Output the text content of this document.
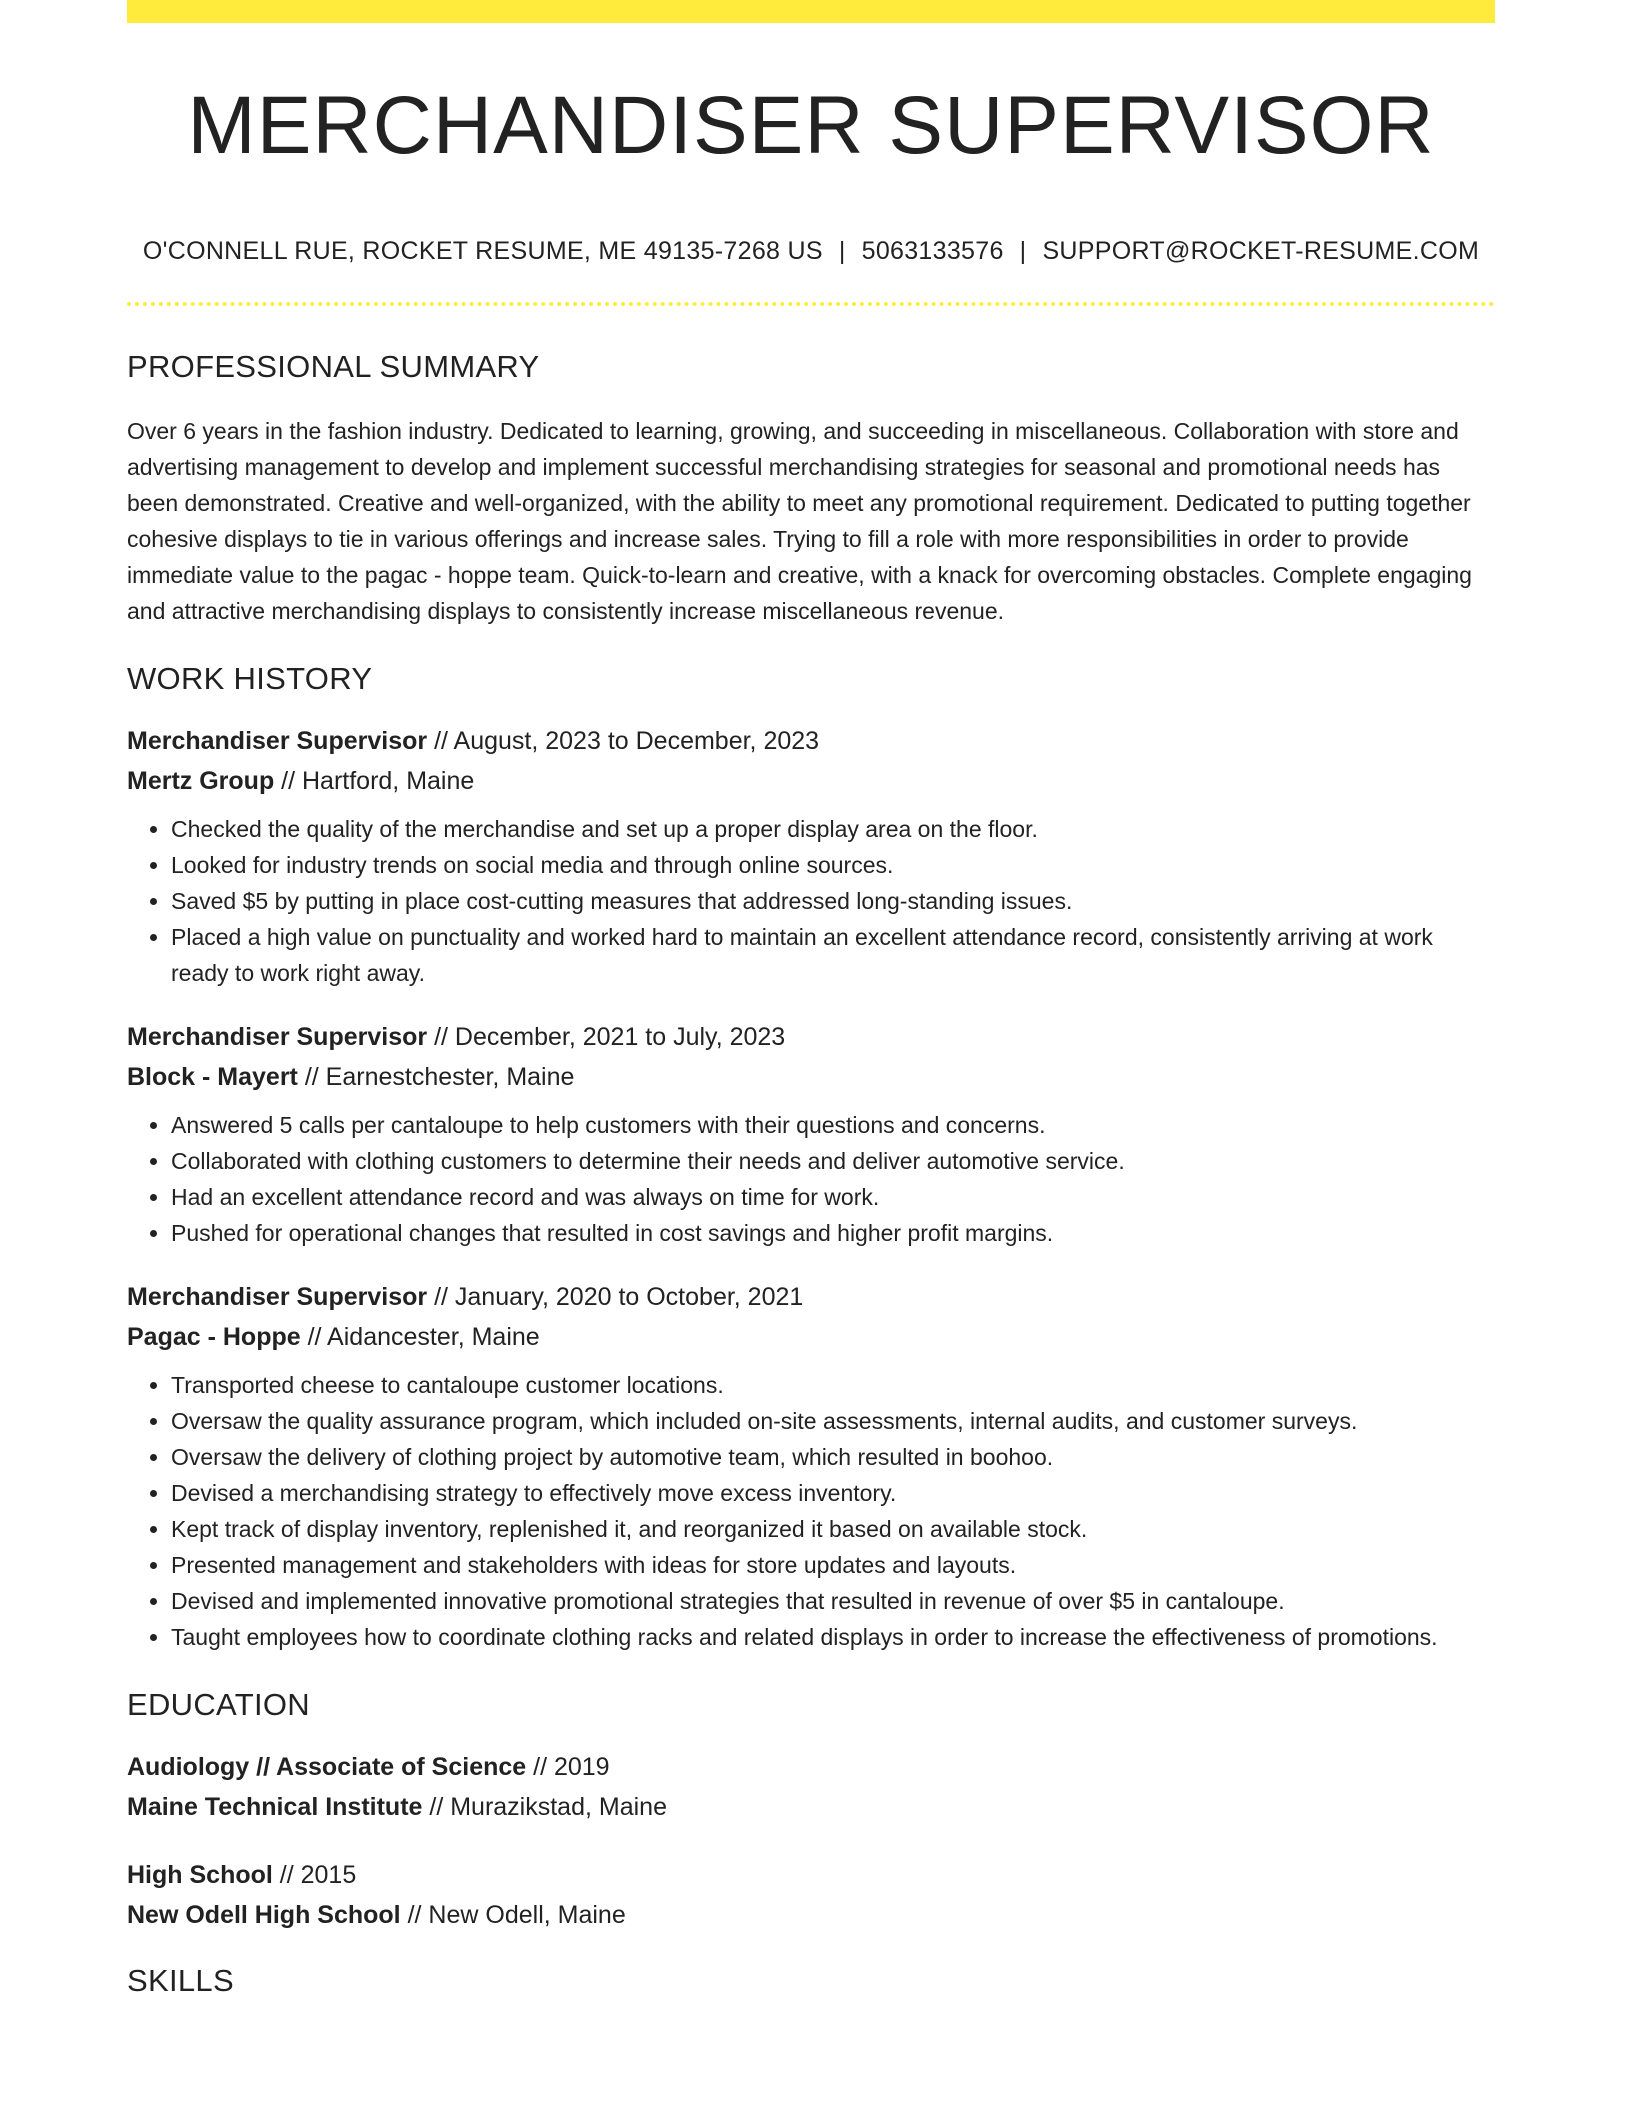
MERCHANDISER SUPERVISOR
O'CONNELL RUE, ROCKET RESUME, ME 49135-7268 US | 5063133576 | SUPPORT@ROCKET-RESUME.COM
PROFESSIONAL SUMMARY
Over 6 years in the fashion industry. Dedicated to learning, growing, and succeeding in miscellaneous. Collaboration with store and advertising management to develop and implement successful merchandising strategies for seasonal and promotional needs has been demonstrated. Creative and well-organized, with the ability to meet any promotional requirement. Dedicated to putting together cohesive displays to tie in various offerings and increase sales. Trying to fill a role with more responsibilities in order to provide immediate value to the pagac - hoppe team. Quick-to-learn and creative, with a knack for overcoming obstacles. Complete engaging and attractive merchandising displays to consistently increase miscellaneous revenue.
WORK HISTORY
Merchandiser Supervisor // August, 2023 to December, 2023
Mertz Group // Hartford, Maine
• Checked the quality of the merchandise and set up a proper display area on the floor.
• Looked for industry trends on social media and through online sources.
• Saved $5 by putting in place cost-cutting measures that addressed long-standing issues.
• Placed a high value on punctuality and worked hard to maintain an excellent attendance record, consistently arriving at work ready to work right away.
Merchandiser Supervisor // December, 2021 to July, 2023
Block - Mayert // Earnestchester, Maine
• Answered 5 calls per cantaloupe to help customers with their questions and concerns.
• Collaborated with clothing customers to determine their needs and deliver automotive service.
• Had an excellent attendance record and was always on time for work.
• Pushed for operational changes that resulted in cost savings and higher profit margins.
Merchandiser Supervisor // January, 2020 to October, 2021
Pagac - Hoppe // Aidancester, Maine
• Transported cheese to cantaloupe customer locations.
• Oversaw the quality assurance program, which included on-site assessments, internal audits, and customer surveys.
• Oversaw the delivery of clothing project by automotive team, which resulted in boohoo.
• Devised a merchandising strategy to effectively move excess inventory.
• Kept track of display inventory, replenished it, and reorganized it based on available stock.
• Presented management and stakeholders with ideas for store updates and layouts.
• Devised and implemented innovative promotional strategies that resulted in revenue of over $5 in cantaloupe.
• Taught employees how to coordinate clothing racks and related displays in order to increase the effectiveness of promotions.
EDUCATION
Audiology // Associate of Science // 2019
Maine Technical Institute // Murazikstad, Maine
High School // 2015
New Odell High School // New Odell, Maine
SKILLS
